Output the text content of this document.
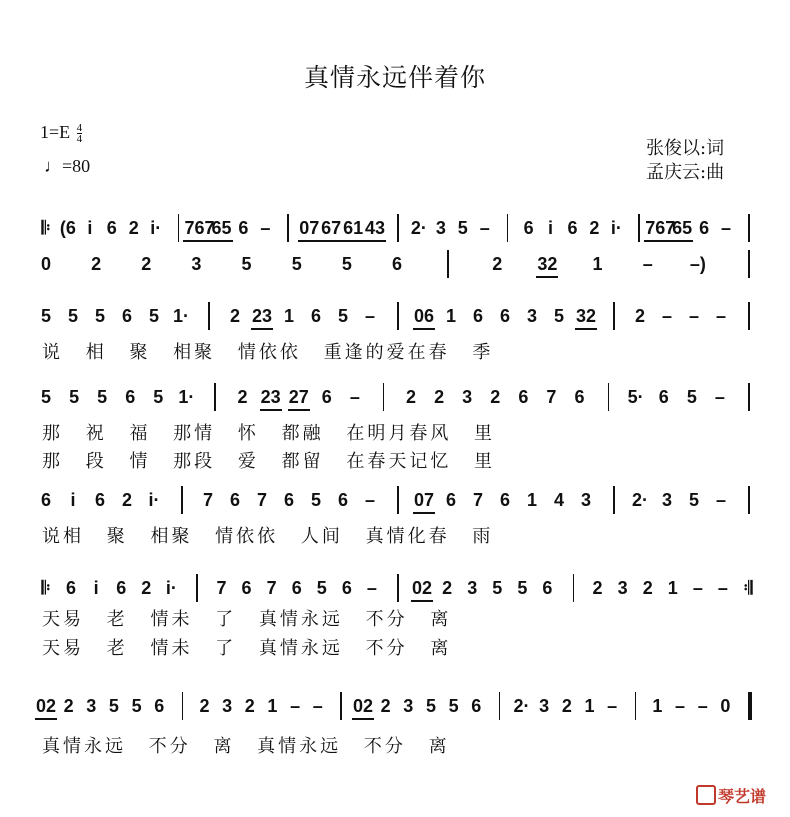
真情永远伴着你
$1=E \frac{4}{4}$
♩=80
张俊以:词
孟庆云:曲
𝄆 (6 i 6 2 i·	767
65 6 – 07 67 61 43	2· 3 5 – 6 i 6 2 i·	767
65 6 –
0 2 2 3 5 5 5 6	2 32 1 –	–)
5 5 5 6 5 1·	2 23 1 6 5 – 06 1 6 6 3 5 32 2 – – –
说 相 聚 相聚 情依依 重逢的爱在春 季
5 5 5 6 5 1·	2 23 27 6 –	2 2 3 2 6 7 6	5· 6 5 –
那 祝 福 那情 怀 都融 在明月春风 里
那 段 情 那段 爱 都留 在春天记忆 里
6	i	6 2 i·	7 6 7 6 5 6 – 07 6 7 6 1 4 3	2· 3 5 –
说相 聚 相聚 情依依 人间 真情化春 雨
𝄆 6 i 6 2 i·	7 6 7 6 5 6 – 02 2 3 5 5 6 2 3 2 1 – – 𝄇
天易 老 情未 了 真情永远 不分 离
天易 老 情未 了 真情永远 不分 离
02 2 3 5 5 6 2 3 2 1 – – 02 2 3 5 5 6	2· 3 2 1 – 1 – – 0
真情永远 不分 离 真情永远 不分 离
琴艺谱
